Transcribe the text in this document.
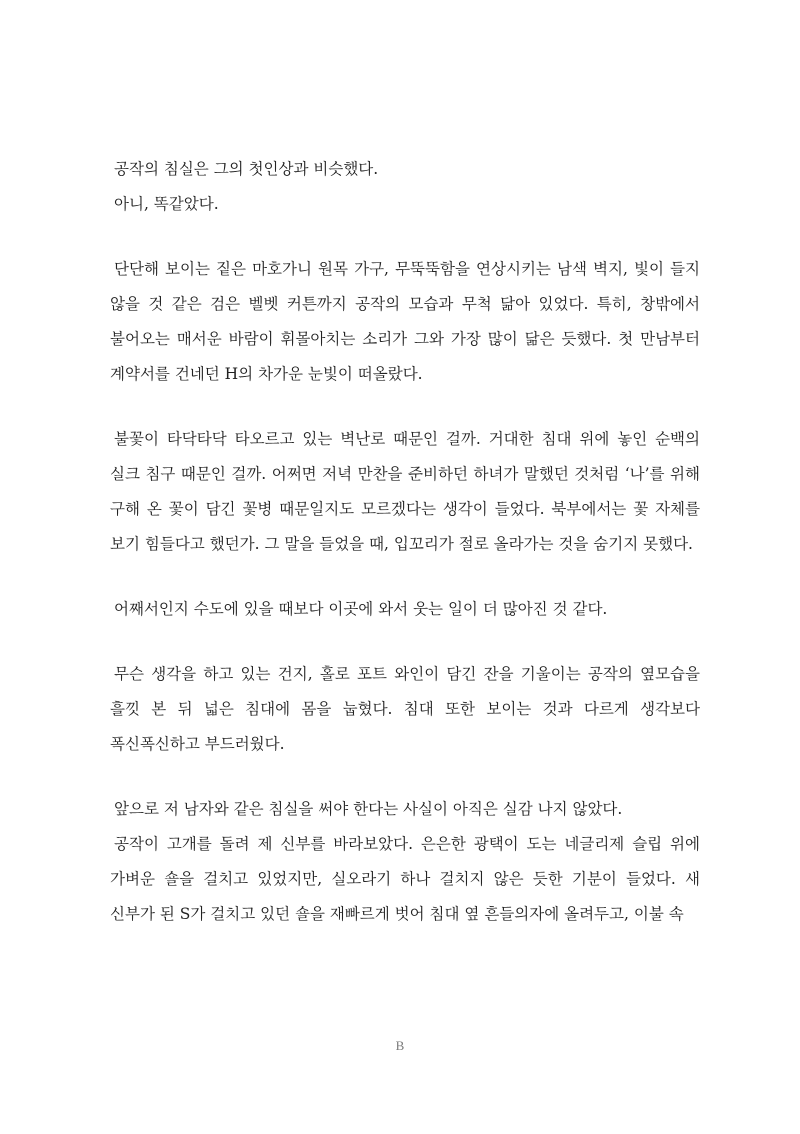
공작의 침실은 그의 첫인상과 비슷했다.

아니, 똑같았다.

단단해 보이는 짙은 마호가니 원목 가구, 무뚝뚝함을 연상시키는 남색 벽지, 빛이 들지 않을 것 같은 검은 벨벳 커튼까지 공작의 모습과 무척 닮아 있었다. 특히, 창밖에서 불어오는 매서운 바람이 휘몰아치는 소리가 그와 가장 많이 닮은 듯했다. 첫 만남부터 계약서를 건네던 H의 차가운 눈빛이 떠올랐다.

불꽃이 타닥타닥 타오르고 있는 벽난로 때문인 걸까. 거대한 침대 위에 놓인 순백의 실크 침구 때문인 걸까. 어쩌면 저녁 만찬을 준비하던 하녀가 말했던 것처럼 ‘나’를 위해 구해 온 꽃이 담긴 꽃병 때문일지도 모르겠다는 생각이 들었다. 북부에서는 꽃 자체를 보기 힘들다고 했던가. 그 말을 들었을 때, 입꼬리가 절로 올라가는 것을 숨기지 못했다.

어째서인지 수도에 있을 때보다 이곳에 와서 웃는 일이 더 많아진 것 같다.

무슨 생각을 하고 있는 건지, 홀로 포트 와인이 담긴 잔을 기울이는 공작의 옆모습을 흘낏 본 뒤 넓은 침대에 몸을 눕혔다. 침대 또한 보이는 것과 다르게 생각보다 폭신폭신하고 부드러웠다.

앞으로 저 남자와 같은 침실을 써야 한다는 사실이 아직은 실감 나지 않았다.

공작이 고개를 돌려 제 신부를 바라보았다. 은은한 광택이 도는 네글리제 슬립 위에 가벼운 숄을 걸치고 있었지만, 실오라기 하나 걸치지 않은 듯한 기분이 들었다. 새 신부가 된 S가 걸치고 있던 숄을 재빠르게 벗어 침대 옆 흔들의자에 올려두고, 이불 속

B
